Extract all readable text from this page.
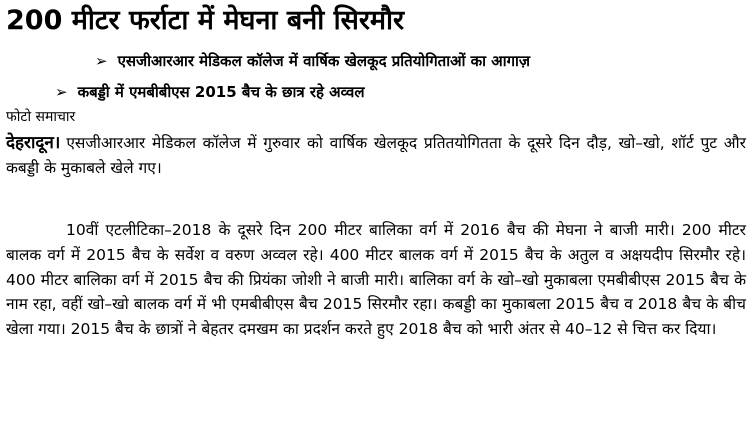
200 मीटर फर्राटा में मेघना बनी सिरमौर

➢ एसजीआरआर मेडिकल कॉलेज में वार्षिक खेलकूद प्रतियोगिताओं का आगाज़

➢ कबड्डी में एमबीबीएस 2015 बैच के छात्र रहे अव्वल

फोटो समाचार

देहरादून। एसजीआरआर मेडिकल कॉलेज में गुरुवार को वार्षिक खेलकूद प्रतितयोगितता के दूसरे दिन दौड़, खो–खो, शॉर्ट पुट और कबड्डी के मुकाबले खेले गए।

10वीं एटलीटिका–2018 के दूसरे दिन 200 मीटर बालिका वर्ग में 2016 बैच की मेघना ने बाजी मारी। 200 मीटर बालक वर्ग में 2015 बैच के सर्वेश व वरुण अव्वल रहे। 400 मीटर बालक वर्ग में 2015 बैच के अतुल व अक्षयदीप सिरमौर रहे। 400 मीटर बालिका वर्ग में 2015 बैच की प्रियंका जोशी ने बाजी मारी। बालिका वर्ग के खो–खो मुकाबला एमबीबीएस 2015 बैच के नाम रहा, वहीं खो–खो बालक वर्ग में भी एमबीबीएस बैच 2015 सिरमौर रहा। कबड्डी का मुकाबला 2015 बैच व 2018 बैच के बीच खेला गया। 2015 बैच के छात्रों ने बेहतर दमखम का प्रदर्शन करते हुए 2018 बैच को भारी अंतर से 40–12 से चित्त कर दिया।
